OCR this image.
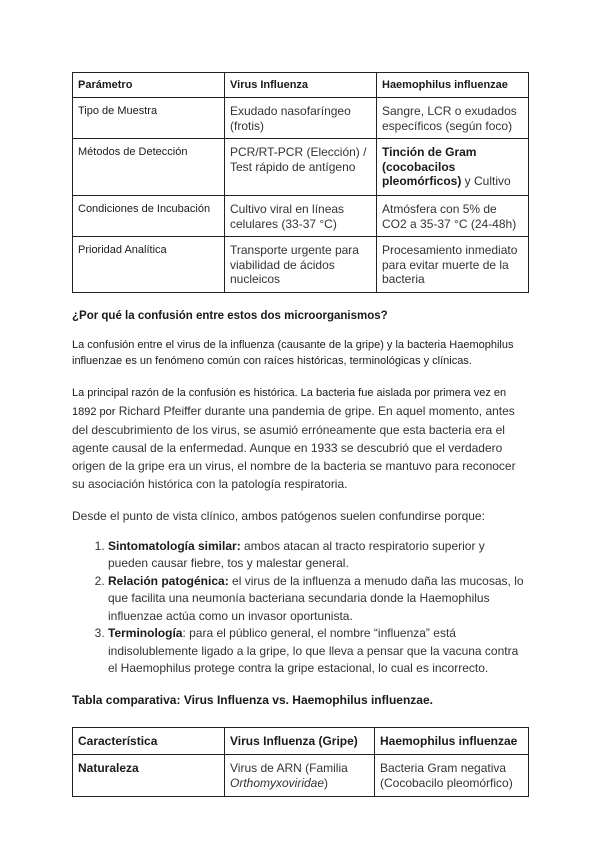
Parámetro	Virus Influenza	Haemophilus influenzae
Tipo de Muestra	Exudado nasofaríngeo (frotis)	Sangre, LCR o exudados específicos (según foco)
Métodos de Detección	PCR/RT-PCR (Elección) / Test rápido de antígeno	Tinción de Gram (cocobacilos pleomórficos) y Cultivo
Condiciones de Incubación	Cultivo viral en líneas celulares (33-37 °C)	Atmósfera con 5% de CO2 a 35-37 °C (24-48h)
Prioridad Analítica	Transporte urgente para viabilidad de ácidos nucleicos	Procesamiento inmediato para evitar muerte de la bacteria

¿Por qué la confusión entre estos dos microorganismos?

La confusión entre el virus de la influenza (causante de la gripe) y la bacteria Haemophilus influenzae es un fenómeno común con raíces históricas, terminológicas y clínicas.

La principal razón de la confusión es histórica. La bacteria fue aislada por primera vez en 1892 por Richard Pfeiffer durante una pandemia de gripe. En aquel momento, antes del descubrimiento de los virus, se asumió erróneamente que esta bacteria era el agente causal de la enfermedad. Aunque en 1933 se descubrió que el verdadero origen de la gripe era un virus, el nombre de la bacteria se mantuvo para reconocer su asociación histórica con la patología respiratoria.

Desde el punto de vista clínico, ambos patógenos suelen confundirse porque:

1. Sintomatología similar: ambos atacan al tracto respiratorio superior y pueden causar fiebre, tos y malestar general.
2. Relación patogénica: el virus de la influenza a menudo daña las mucosas, lo que facilita una neumonía bacteriana secundaria donde la Haemophilus influenzae actúa como un invasor oportunista.
3. Terminología: para el público general, el nombre “influenza” está indisolublemente ligado a la gripe, lo que lleva a pensar que la vacuna contra el Haemophilus protege contra la gripe estacional, lo cual es incorrecto.

Tabla comparativa: Virus Influenza vs. Haemophilus influenzae.

Característica	Virus Influenza (Gripe)	Haemophilus influenzae
Naturaleza	Virus de ARN (Familia Orthomyxoviridae)	Bacteria Gram negativa (Cocobacilo pleomórfico)
